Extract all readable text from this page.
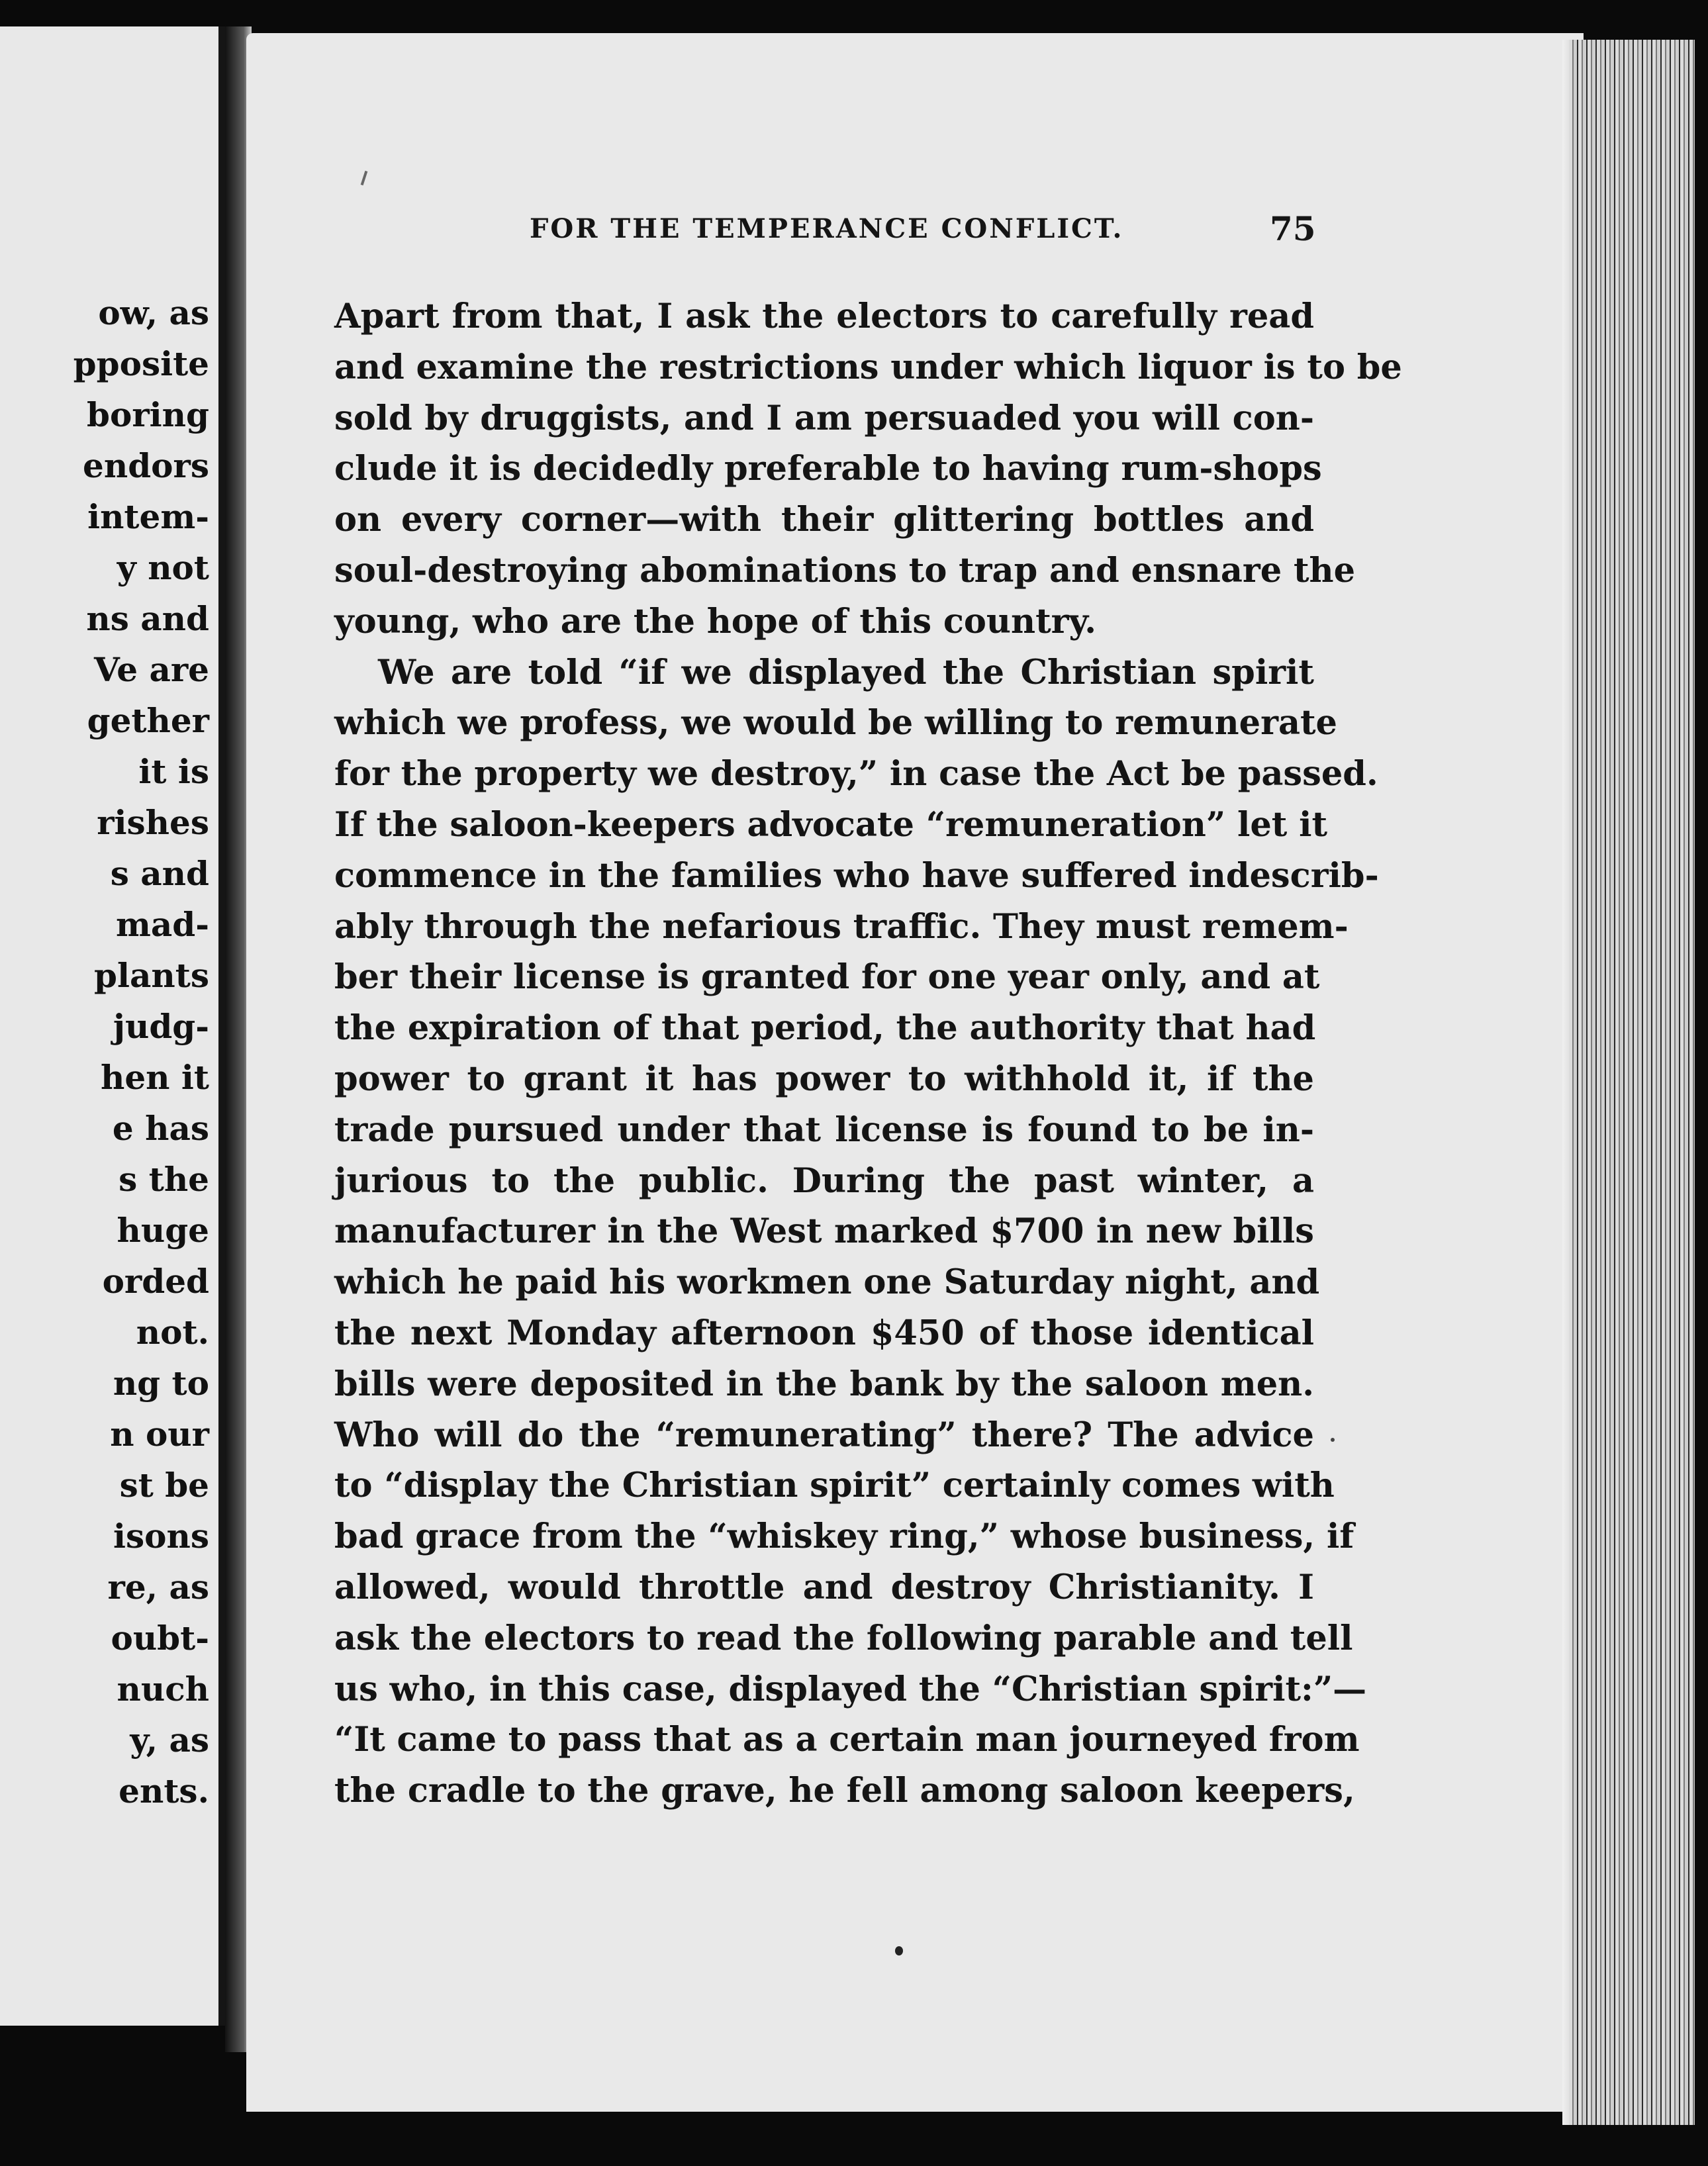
ow, as
pposite
boring
endors
intem-
y not
ns and
Ve are
gether
it is
rishes
s and
mad-
plants
judg-
hen it
e has
s the
huge
orded
not.
ng to
n our
st be
isons
re, as
oubt-
nuch
y, as
ents.
FOR THE TEMPERANCE CONFLICT.	75
Apart from that, I ask the electors to carefully read
and examine the restrictions under which liquor is to be
sold by druggists, and I am persuaded you will con-
clude it is decidedly preferable to having rum-shops
on every corner—with their glittering bottles and
soul-destroying abominations to trap and ensnare the
young, who are the hope of this country.
We are told “if we displayed the Christian spirit
which we profess, we would be willing to remunerate
for the property we destroy,” in case the Act be passed.
If the saloon-keepers advocate “remuneration” let it
commence in the families who have suffered indescrib-
ably through the nefarious traffic. They must remem-
ber their license is granted for one year only, and at
the expiration of that period, the authority that had
power to grant it has power to withhold it, if the
trade pursued under that license is found to be in-
jurious to the public. During the past winter, a
manufacturer in the West marked $700 in new bills
which he paid his workmen one Saturday night, and
the next Monday afternoon $450 of those identical
bills were deposited in the bank by the saloon men.
Who will do the “remunerating” there? The advice
to “display the Christian spirit” certainly comes with
bad grace from the “whiskey ring,” whose business, if
allowed, would throttle and destroy Christianity. I
ask the electors to read the following parable and tell
us who, in this case, displayed the “Christian spirit:”—
“It came to pass that as a certain man journeyed from
the cradle to the grave, he fell among saloon keepers,
